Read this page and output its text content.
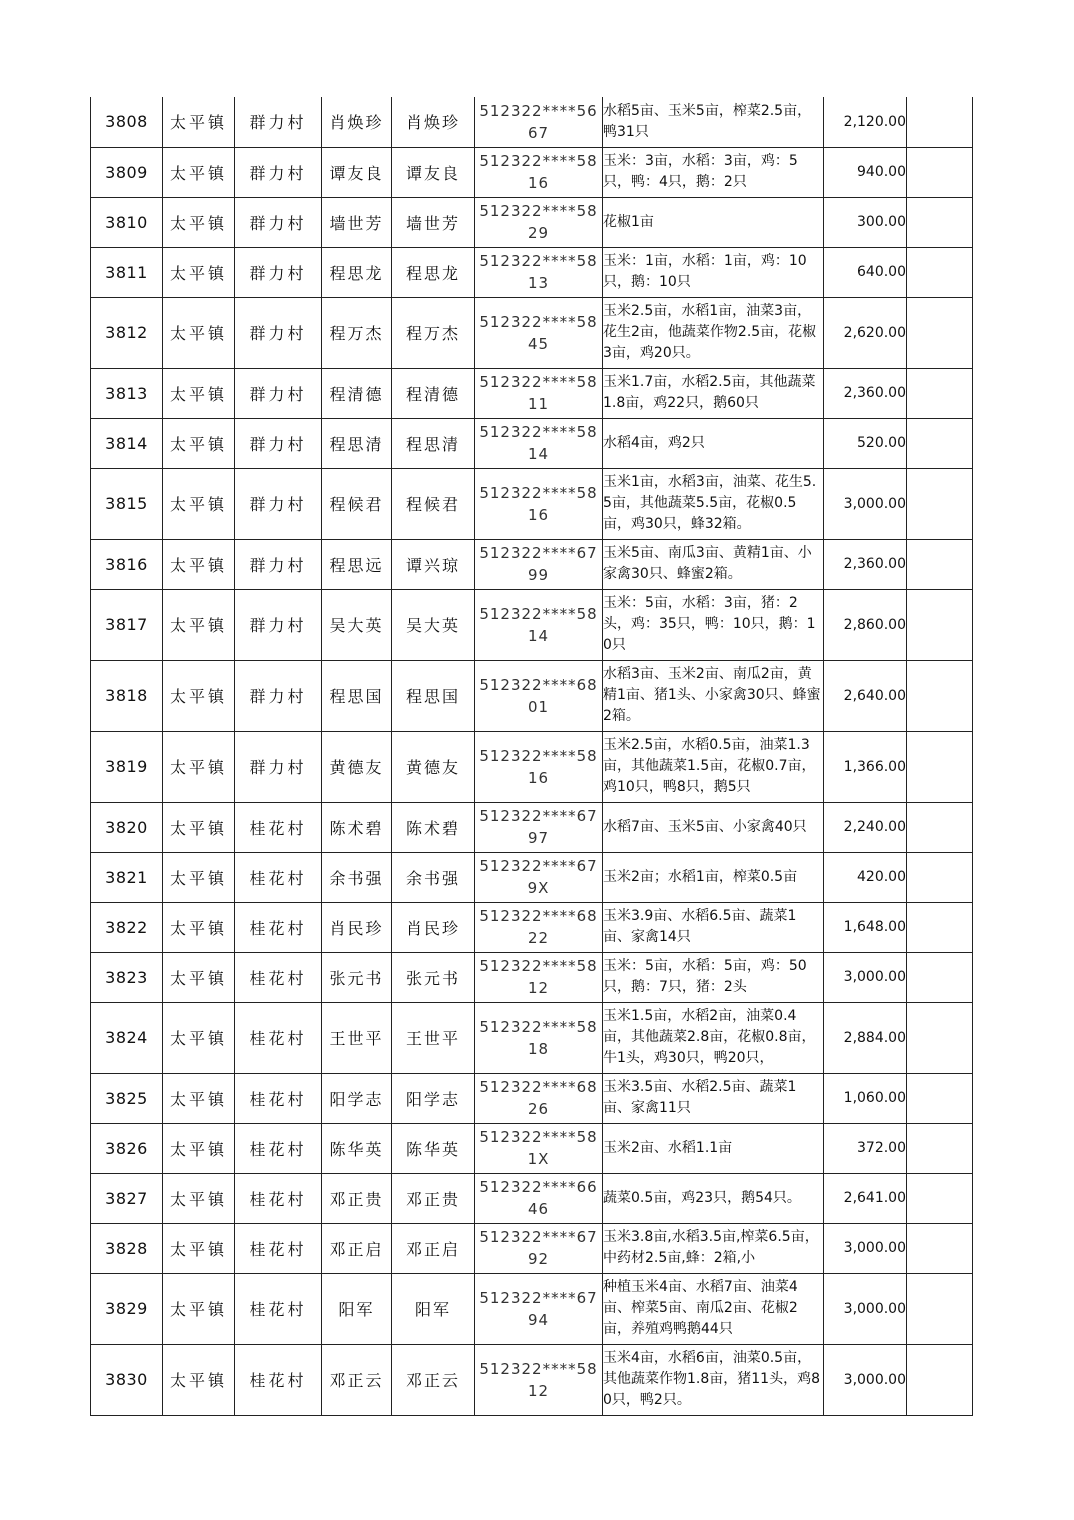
3808	太平镇	群力村	肖焕珍	肖焕珍	512322****5667	水稻5亩、玉米5亩，榨菜2.5亩，鸭31只	2,120.00	
3809	太平镇	群力村	谭友良	谭友良	512322****5816	玉米：3亩，水稻：3亩，鸡：5只，鸭：4只，鹅：2只	940.00	
3810	太平镇	群力村	墙世芳	墙世芳	512322****5829	花椒1亩	300.00	
3811	太平镇	群力村	程思龙	程思龙	512322****5813	玉米：1亩，水稻：1亩，鸡：10只，鹅：10只	640.00	
3812	太平镇	群力村	程万杰	程万杰	512322****5845	玉米2.5亩，水稻1亩，油菜3亩，花生2亩，他蔬菜作物2.5亩，花椒3亩，鸡20只。	2,620.00	
3813	太平镇	群力村	程清德	程清德	512322****5811	玉米1.7亩，水稻2.5亩，其他蔬菜1.8亩，鸡22只，鹅60只	2,360.00	
3814	太平镇	群力村	程思清	程思清	512322****5814	水稻4亩，鸡2只	520.00	
3815	太平镇	群力村	程候君	程候君	512322****5816	玉米1亩，水稻3亩，油菜、花生5.5亩，其他蔬菜5.5亩，花椒0.5亩，鸡30只，蜂32箱。	3,000.00	
3816	太平镇	群力村	程思远	谭兴琼	512322****6799	玉米5亩、南瓜3亩、黄精1亩、小家禽30只、蜂蜜2箱。	2,360.00	
3817	太平镇	群力村	吴大英	吴大英	512322****5814	玉米：5亩，水稻：3亩，猪：2头，鸡：35只，鸭：10只，鹅：10只	2,860.00	
3818	太平镇	群力村	程思国	程思国	512322****6801	水稻3亩、玉米2亩、南瓜2亩，黄精1亩、猪1头、小家禽30只、蜂蜜2箱。	2,640.00	
3819	太平镇	群力村	黄德友	黄德友	512322****5816	玉米2.5亩，水稻0.5亩，油菜1.3亩，其他蔬菜1.5亩，花椒0.7亩，鸡10只，鸭8只，鹅5只	1,366.00	
3820	太平镇	桂花村	陈术碧	陈术碧	512322****6797	水稻7亩、玉米5亩、小家禽40只	2,240.00	
3821	太平镇	桂花村	余书强	余书强	512322****679X	玉米2亩；水稻1亩，榨菜0.5亩	420.00	
3822	太平镇	桂花村	肖民珍	肖民珍	512322****6822	玉米3.9亩、水稻6.5亩、蔬菜1亩、家禽14只	1,648.00	
3823	太平镇	桂花村	张元书	张元书	512322****5812	玉米：5亩，水稻：5亩，鸡：50只，鹅：7只，猪：2头	3,000.00	
3824	太平镇	桂花村	王世平	王世平	512322****5818	玉米1.5亩，水稻2亩，油菜0.4亩，其他蔬菜2.8亩，花椒0.8亩，牛1头，鸡30只，鸭20只，	2,884.00	
3825	太平镇	桂花村	阳学志	阳学志	512322****6826	玉米3.5亩、水稻2.5亩、蔬菜1亩、家禽11只	1,060.00	
3826	太平镇	桂花村	陈华英	陈华英	512322****581X	玉米2亩、水稻1.1亩	372.00	
3827	太平镇	桂花村	邓正贵	邓正贵	512322****6646	蔬菜0.5亩，鸡23只，鹅54只。	2,641.00	
3828	太平镇	桂花村	邓正启	邓正启	512322****6792	玉米3.8亩,水稻3.5亩,榨菜6.5亩，中药材2.5亩,蜂：2箱,小	3,000.00	
3829	太平镇	桂花村	阳军	阳军	512322****6794	种植玉米4亩、水稻7亩、油菜4亩、榨菜5亩、南瓜2亩、花椒2亩，养殖鸡鸭鹅44只	3,000.00	
3830	太平镇	桂花村	邓正云	邓正云	512322****5812	玉米4亩，水稻6亩，油菜0.5亩，其他蔬菜作物1.8亩，猪11头，鸡80只，鸭2只。	3,000.00	
